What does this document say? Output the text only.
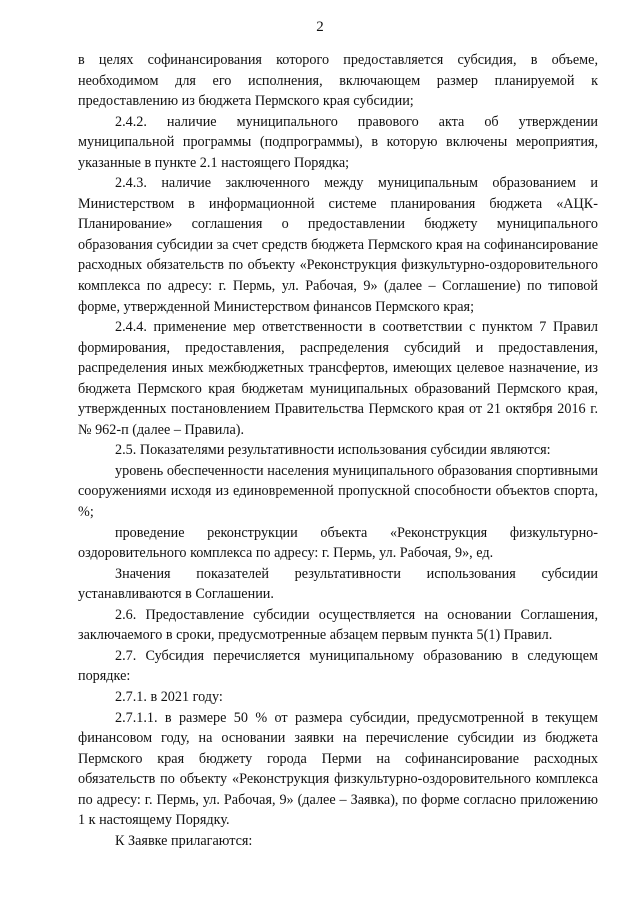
2

в целях софинансирования которого предоставляется субсидия, в объеме, необходимом для его исполнения, включающем размер планируемой к предоставлению из бюджета Пермского края субсидии;

2.4.2. наличие муниципального правового акта об утверждении муниципальной программы (подпрограммы), в которую включены мероприятия, указанные в пункте 2.1 настоящего Порядка;

2.4.3. наличие заключенного между муниципальным образованием и Министерством в информационной системе планирования бюджета «АЦК-Планирование» соглашения о предоставлении бюджету муниципального образования субсидии за счет средств бюджета Пермского края на софинансирование расходных обязательств по объекту «Реконструкция физкультурно-оздоровительного комплекса по адресу: г. Пермь, ул. Рабочая, 9» (далее – Соглашение) по типовой форме, утвержденной Министерством финансов Пермского края;

2.4.4. применение мер ответственности в соответствии с пунктом 7 Правил формирования, предоставления, распределения субсидий и предоставления, распределения иных межбюджетных трансфертов, имеющих целевое назначение, из бюджета Пермского края бюджетам муниципальных образований Пермского края, утвержденных постановлением Правительства Пермского края от 21 октября 2016 г. № 962-п (далее – Правила).

2.5. Показателями результативности использования субсидии являются:

уровень обеспеченности населения муниципального образования спортивными сооружениями исходя из единовременной пропускной способности объектов спорта, %;

проведение реконструкции объекта «Реконструкция физкультурно-оздоровительного комплекса по адресу: г. Пермь, ул. Рабочая, 9», ед.

Значения показателей результативности использования субсидии устанавливаются в Соглашении.

2.6. Предоставление субсидии осуществляется на основании Соглашения, заключаемого в сроки, предусмотренные абзацем первым пункта 5(1) Правил.

2.7. Субсидия перечисляется муниципальному образованию в следующем порядке:

2.7.1. в 2021 году:

2.7.1.1. в размере 50 % от размера субсидии, предусмотренной в текущем финансовом году, на основании заявки на перечисление субсидии из бюджета Пермского края бюджету города Перми на софинансирование расходных обязательств по объекту «Реконструкция физкультурно-оздоровительного комплекса по адресу: г. Пермь, ул. Рабочая, 9» (далее – Заявка), по форме согласно приложению 1 к настоящему Порядку.

К Заявке прилагаются:
